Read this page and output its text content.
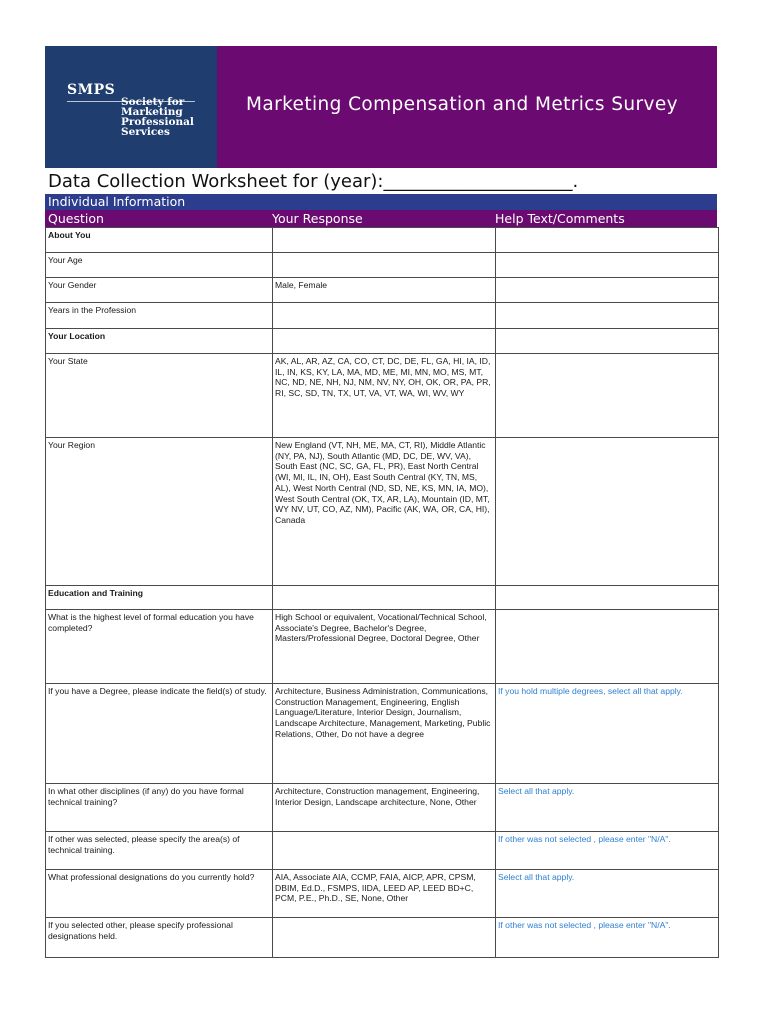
SMPS
Society for Marketing Professional Services
Marketing Compensation and Metrics Survey
Data Collection Worksheet for (year):_____________________.
Individual Information
Question	Your Response	Help Text/Comments
About You		
Your Age		
Your Gender	Male, Female	
Years in the Profession		
Your Location		
Your State	AK, AL, AR, AZ, CA, CO, CT, DC, DE, FL, GA, HI, IA, ID, IL, IN, KS, KY, LA, MA, MD, ME, MI, MN, MO, MS, MT, NC, ND, NE, NH, NJ, NM, NV, NY, OH, OK, OR, PA, PR, RI, SC, SD, TN, TX, UT, VA, VT, WA, WI, WV, WY	
Your Region	New England (VT, NH, ME, MA, CT, RI), Middle Atlantic (NY, PA, NJ), South Atlantic (MD, DC, DE, WV, VA), South East (NC, SC, GA, FL, PR), East North Central (WI, MI, IL, IN, OH), East South Central (KY, TN, MS, AL), West North Central (ND, SD, NE, KS, MN, IA, MO), West South Central (OK, TX, AR, LA), Mountain (ID, MT, WY NV, UT, CO, AZ, NM), Pacific (AK, WA, OR, CA, HI), Canada	
Education and Training		
What is the highest level of formal education you have completed?	High School or equivalent, Vocational/Technical School, Associate's Degree, Bachelor's Degree, Masters/Professional Degree, Doctoral Degree, Other	
If you have a Degree, please indicate the field(s) of study.	Architecture, Business Administration, Communications, Construction Management, Engineering, English Language/Literature, Interior Design, Journalism, Landscape Architecture, Management, Marketing, Public Relations, Other, Do not have a degree	If you hold multiple degrees, select all that apply.
In what other disciplines (if any) do you have formal technical training?	Architecture, Construction management, Engineering, Interior Design, Landscape architecture, None, Other	Select all that apply.
If other was selected, please specify the area(s) of technical training.		If other was not selected , please enter "N/A".
What professional designations do you currently hold?	AIA, Associate AIA, CCMP, FAIA, AICP, APR, CPSM, DBIM, Ed.D., FSMPS, IIDA, LEED AP, LEED BD+C, PCM, P.E., Ph.D., SE, None, Other	Select all that apply.
If you selected other, please specify professional designations held.		If other was not selected , please enter "N/A".
